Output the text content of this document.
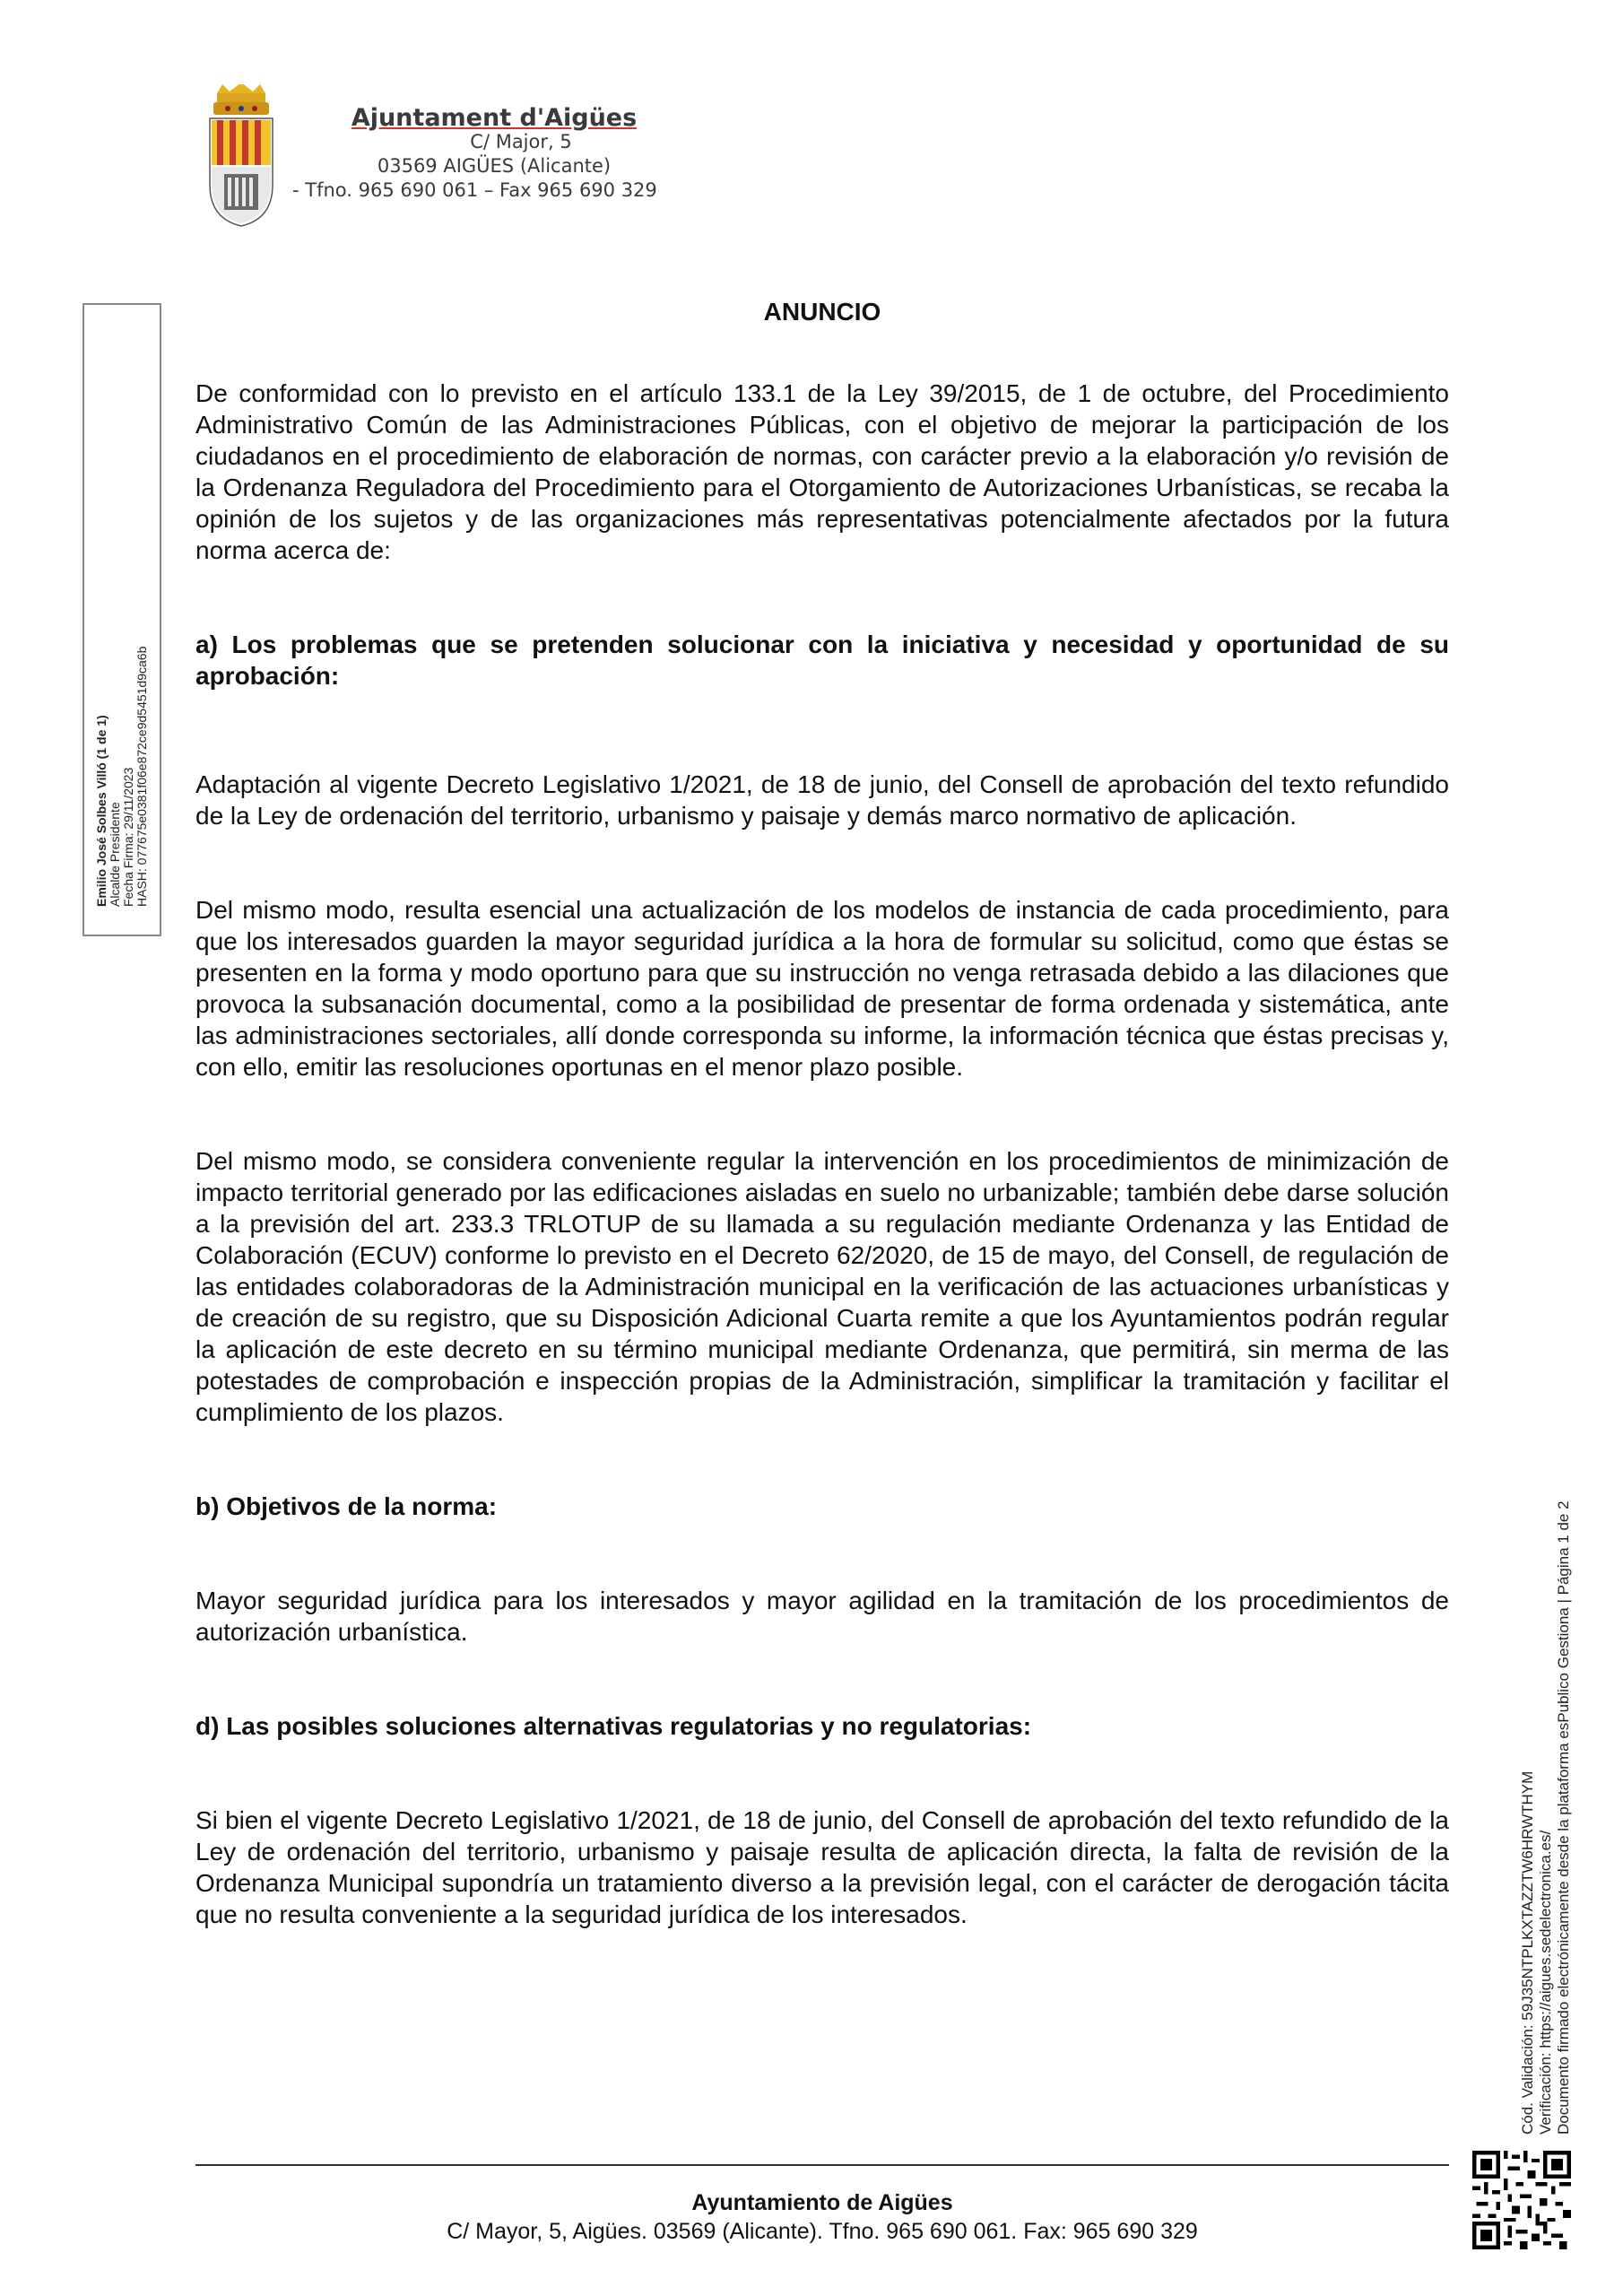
Ajuntament d'Aigües
C/ Major, 5
03569 AIGÜES (Alicante)
- Tfno. 965 690 061 – Fax 965 690 329
Emilio José Solbes Villó (1 de 1) Alcalde Presidente Fecha Firma: 29/11/2023 HASH: 077675e0381f06e872ce9d5451d9ca6b

ANUNCIO

De conformidad con lo previsto en el artículo 133.1 de la Ley 39/2015, de 1 de octubre, del Procedimiento Administrativo Común de las Administraciones Públicas, con el objetivo de mejorar la participación de los ciudadanos en el procedimiento de elaboración de normas, con carácter previo a la elaboración y/o revisión de la Ordenanza Reguladora del Procedimiento para el Otorgamiento de Autorizaciones Urbanísticas, se recaba la opinión de los sujetos y de las organizaciones más representativas potencialmente afectados por la futura norma acerca de:

a) Los problemas que se pretenden solucionar con la iniciativa y necesidad y oportunidad de su aprobación:

Adaptación al vigente Decreto Legislativo 1/2021, de 18 de junio, del Consell de aprobación del texto refundido de la Ley de ordenación del territorio, urbanismo y paisaje y demás marco normativo de aplicación.

Del mismo modo, resulta esencial una actualización de los modelos de instancia de cada procedimiento, para que los interesados guarden la mayor seguridad jurídica a la hora de formular su solicitud, como que éstas se presenten en la forma y modo oportuno para que su instrucción no venga retrasada debido a las dilaciones que provoca la subsanación documental, como a la posibilidad de presentar de forma ordenada y sistemática, ante las administraciones sectoriales, allí donde corresponda su informe, la información técnica que éstas precisas y, con ello, emitir las resoluciones oportunas en el menor plazo posible.

Del mismo modo, se considera conveniente regular la intervención en los procedimientos de minimización de impacto territorial generado por las edificaciones aisladas en suelo no urbanizable; también debe darse solución a la previsión del art. 233.3 TRLOTUP de su llamada a su regulación mediante Ordenanza y las Entidad de Colaboración (ECUV) conforme lo previsto en el Decreto 62/2020, de 15 de mayo, del Consell, de regulación de las entidades colaboradoras de la Administración municipal en la verificación de las actuaciones urbanísticas y de creación de su registro, que su Disposición Adicional Cuarta remite a que los Ayuntamientos podrán regular la aplicación de este decreto en su término municipal mediante Ordenanza, que permitirá, sin merma de las potestades de comprobación e inspección propias de la Administración, simplificar la tramitación y facilitar el cumplimiento de los plazos.

b) Objetivos de la norma:

Mayor seguridad jurídica para los interesados y mayor agilidad en la tramitación de los procedimientos de autorización urbanística.

d) Las posibles soluciones alternativas regulatorias y no regulatorias:

Si bien el vigente Decreto Legislativo 1/2021, de 18 de junio, del Consell de aprobación del texto refundido de la Ley de ordenación del territorio, urbanismo y paisaje resulta de aplicación directa, la falta de revisión de la Ordenanza Municipal supondría un tratamiento diverso a la previsión legal, con el carácter de derogación tácita que no resulta conveniente a la seguridad jurídica de los interesados.

Ayuntamiento de Aigües
C/ Mayor, 5, Aigües. 03569 (Alicante). Tfno. 965 690 061. Fax: 965 690 329
Cód. Validación: 59J35NTPLKXTAZZTW6HRWTHYM Verificación: https://aigues.sedelectronica.es/ Documento firmado electrónicamente desde la plataforma esPublico Gestiona | Página 1 de 2
